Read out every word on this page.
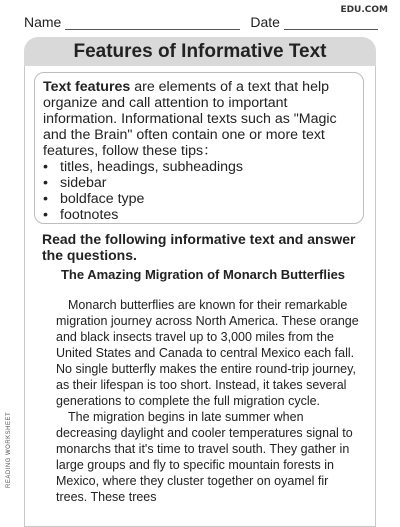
EDU.COM
Name	Date
Features of Informative Text

Text features are elements of a text that help organize and call attention to important information. Informational texts such as "Magic and the Brain" often contain one or more text features, follow these tips：

• titles, headings, subheadings
• sidebar
• boldface type
• footnotes
Read the following informative text and answer the questions.
The Amazing Migration of Monarch Butterflies

Monarch butterflies are known for their remarkable migration journey across North America. These orange and black insects travel up to 3,000 miles from the United States and Canada to central Mexico each fall. No single butterfly makes the entire round-trip journey, as their lifespan is too short. Instead, it takes several generations to complete the full migration cycle.

The migration begins in late summer when decreasing daylight and cooler temperatures signal to monarchs that it's time to travel south. They gather in large groups and fly to specific mountain forests in Mexico, where they cluster together on oyamel fir trees. These trees

READING WORKSHEET
